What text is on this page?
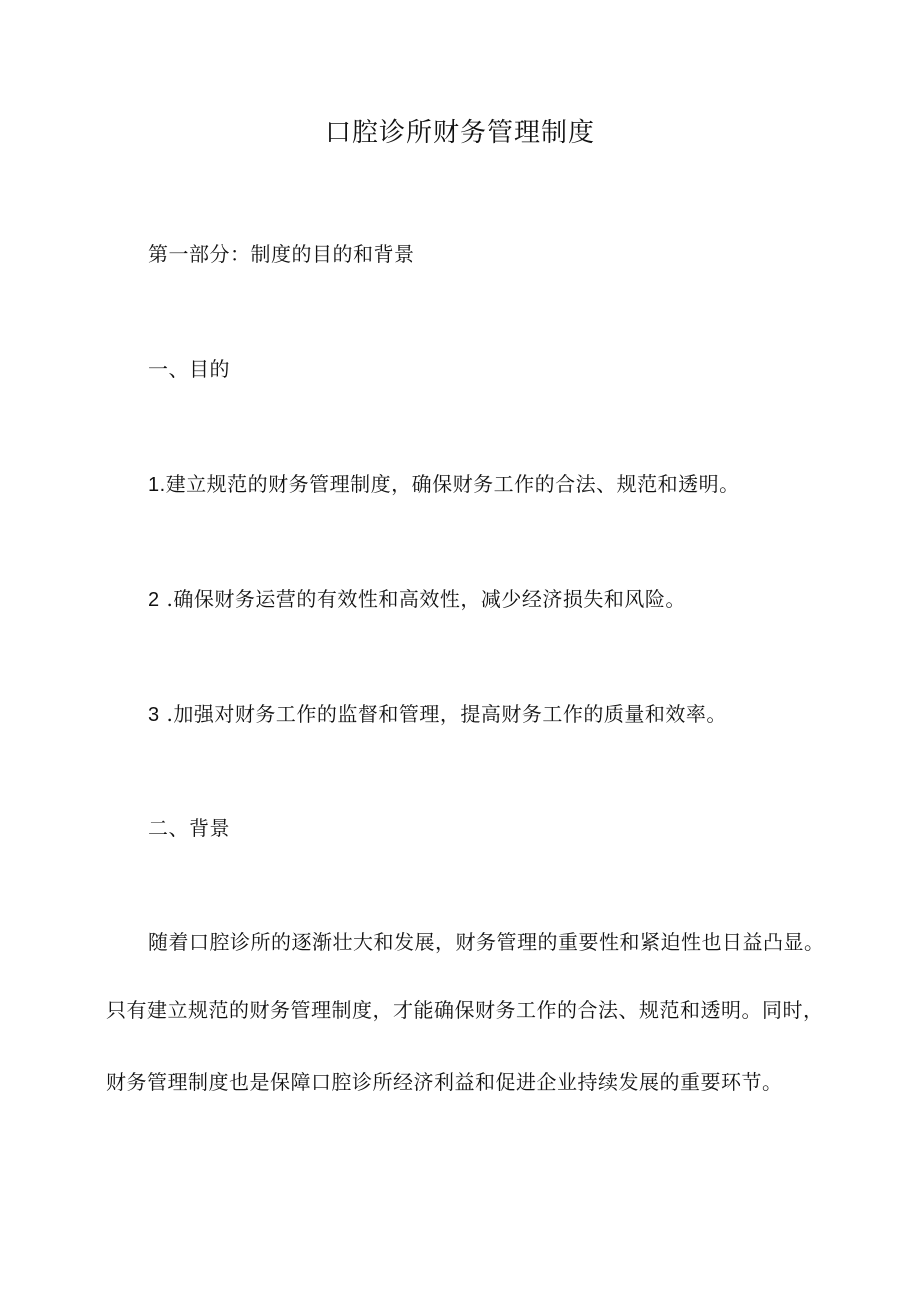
口腔诊所财务管理制度
第一部分：制度的目的和背景
一、目的
1.建立规范的财务管理制度，确保财务工作的合法、规范和透明。
2 .确保财务运营的有效性和高效性，减少经济损失和风险。
3 .加强对财务工作的监督和管理，提高财务工作的质量和效率。
二、背景
随着口腔诊所的逐渐壮大和发展，财务管理的重要性和紧迫性也日益凸显。
只有建立规范的财务管理制度，才能确保财务工作的合法、规范和透明。同时，
财务管理制度也是保障口腔诊所经济利益和促进企业持续发展的重要环节。
